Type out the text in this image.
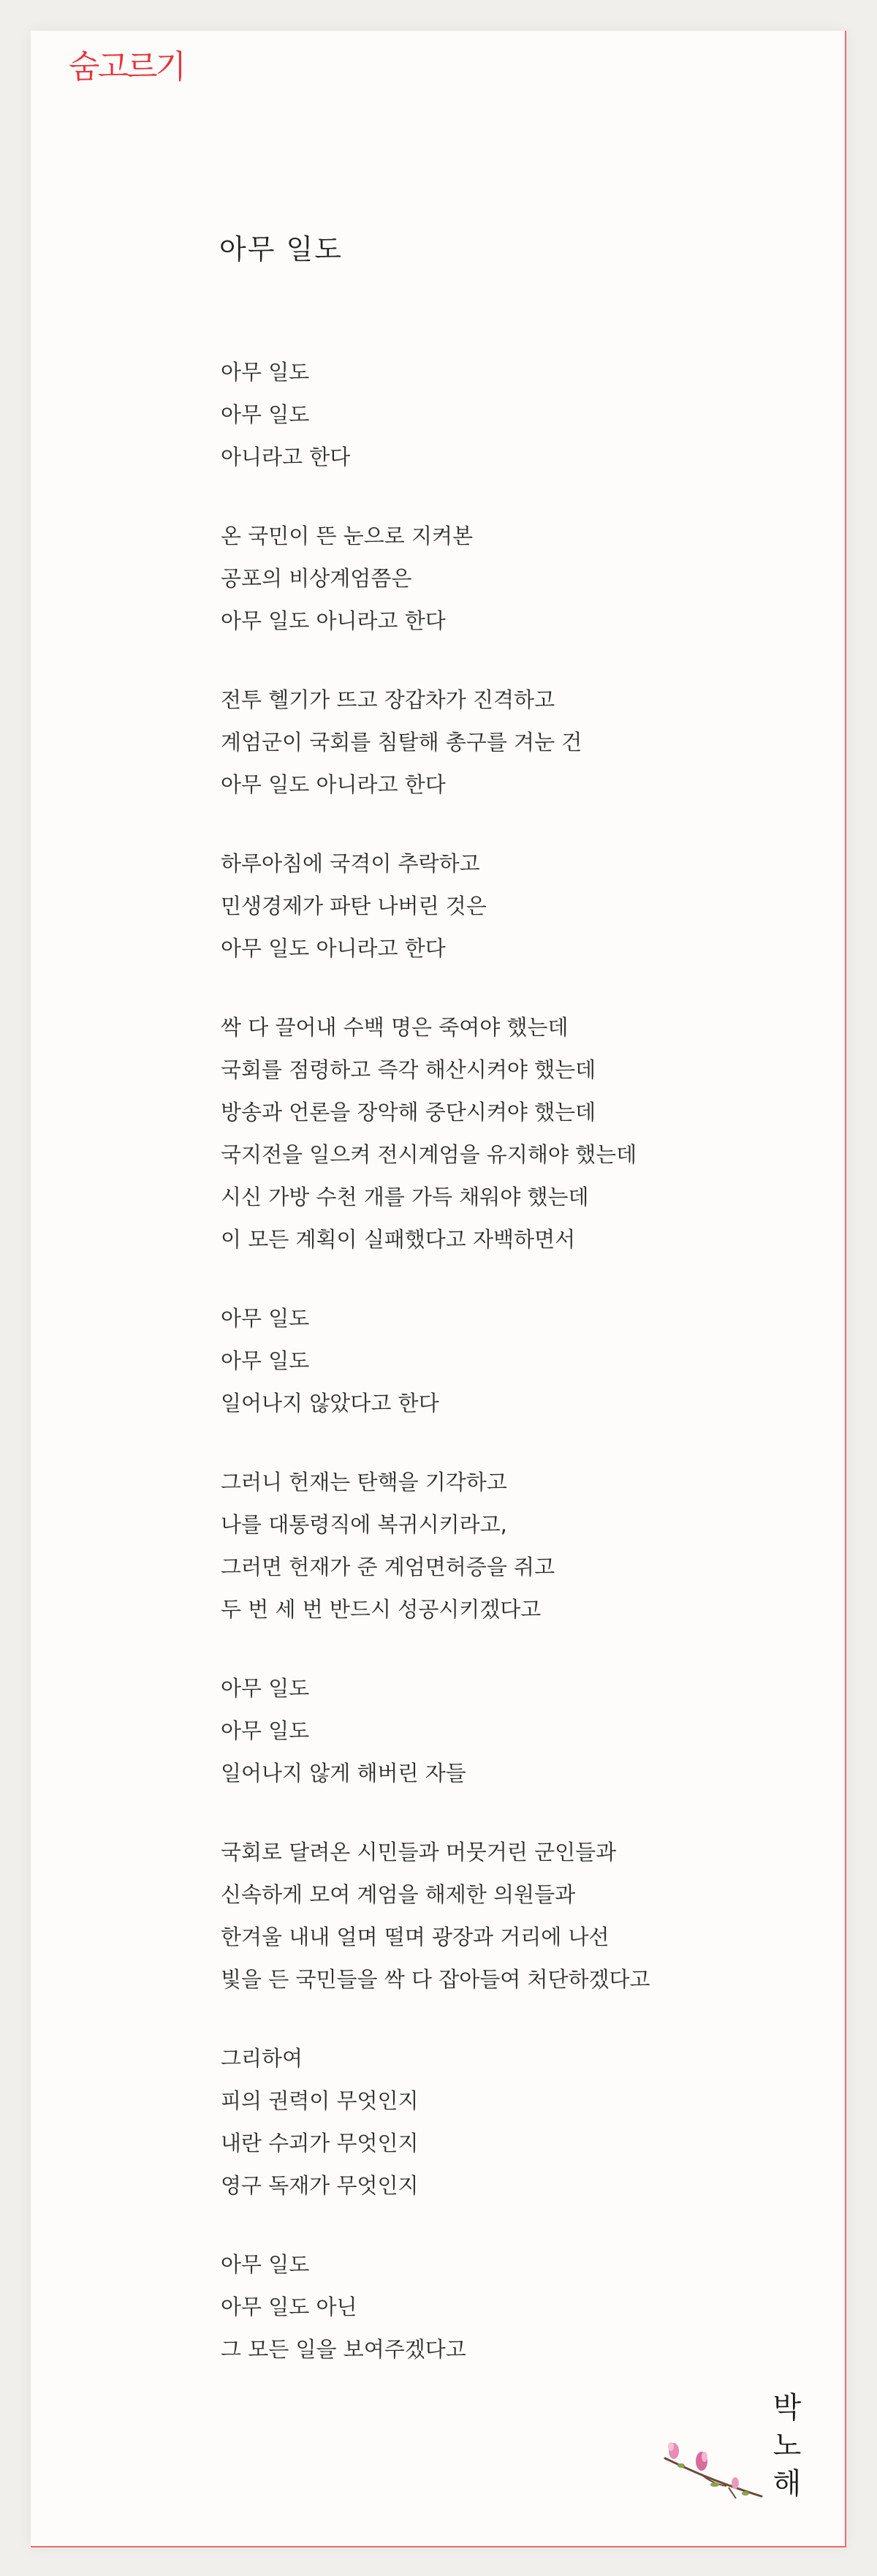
숨고르기
아무 일도
아무 일도
아무 일도
아니라고 한다
온 국민이 뜬 눈으로 지켜본
공포의 비상계엄쯤은
아무 일도 아니라고 한다
전투 헬기가 뜨고 장갑차가 진격하고
계엄군이 국회를 침탈해 총구를 겨눈 건
아무 일도 아니라고 한다
하루아침에 국격이 추락하고
민생경제가 파탄 나버린 것은
아무 일도 아니라고 한다
싹 다 끌어내 수백 명은 죽여야 했는데
국회를 점령하고 즉각 해산시켜야 했는데
방송과 언론을 장악해 중단시켜야 했는데
국지전을 일으켜 전시계엄을 유지해야 했는데
시신 가방 수천 개를 가득 채워야 했는데
이 모든 계획이 실패했다고 자백하면서
아무 일도
아무 일도
일어나지 않았다고 한다
그러니 헌재는 탄핵을 기각하고
나를 대통령직에 복귀시키라고,
그러면 헌재가 준 계엄면허증을 쥐고
두 번 세 번 반드시 성공시키겠다고
아무 일도
아무 일도
일어나지 않게 해버린 자들
국회로 달려온 시민들과 머뭇거린 군인들과
신속하게 모여 계엄을 해제한 의원들과
한겨울 내내 얼며 떨며 광장과 거리에 나선
빛을 든 국민들을 싹 다 잡아들여 처단하겠다고
그리하여
피의 권력이 무엇인지
내란 수괴가 무엇인지
영구 독재가 무엇인지
아무 일도
아무 일도 아닌
그 모든 일을 보여주겠다고
박
노
해
